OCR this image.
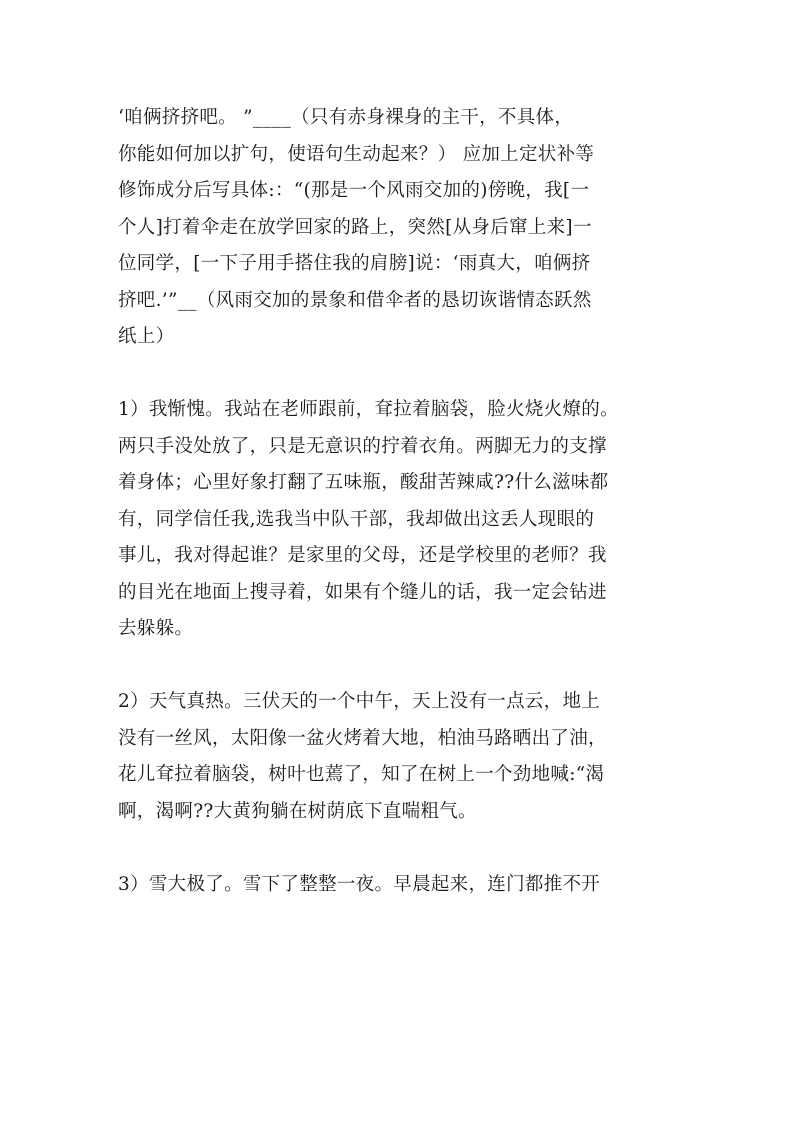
‘咱俩挤挤吧。 ”____（只有赤身裸身的主干，不具体，
你能如何加以扩句，使语句生动起来？） 应加上定状补等
修饰成分后写具体:：“(那是一个风雨交加的)傍晚，我[一
个人]打着伞走在放学回家的路上，突然[从身后窜上来]一
位同学，[一下子用手搭住我的肩膀]说：‘雨真大，咱俩挤
挤吧.’”__（风雨交加的景象和借伞者的恳切诙谐情态跃然
纸上）
1）我惭愧。我站在老师跟前，耷拉着脑袋，脸火烧火燎的。
两只手没处放了，只是无意识的拧着衣角。两脚无力的支撑
着身体；心里好象打翻了五味瓶，酸甜苦辣咸??什么滋味都
有，同学信任我,选我当中队干部，我却做出这丢人现眼的
事儿，我对得起谁？是家里的父母，还是学校里的老师？我
的目光在地面上搜寻着，如果有个缝儿的话，我一定会钻进
去躲躲。
2）天气真热。三伏天的一个中午，天上没有一点云，地上
没有一丝风，太阳像一盆火烤着大地，柏油马路晒出了油，
花儿耷拉着脑袋，树叶也蔫了，知了在树上一个劲地喊:“渴
啊，渴啊??大黄狗躺在树荫底下直喘粗气。
3）雪大极了。雪下了整整一夜。早晨起来，连门都推不开
